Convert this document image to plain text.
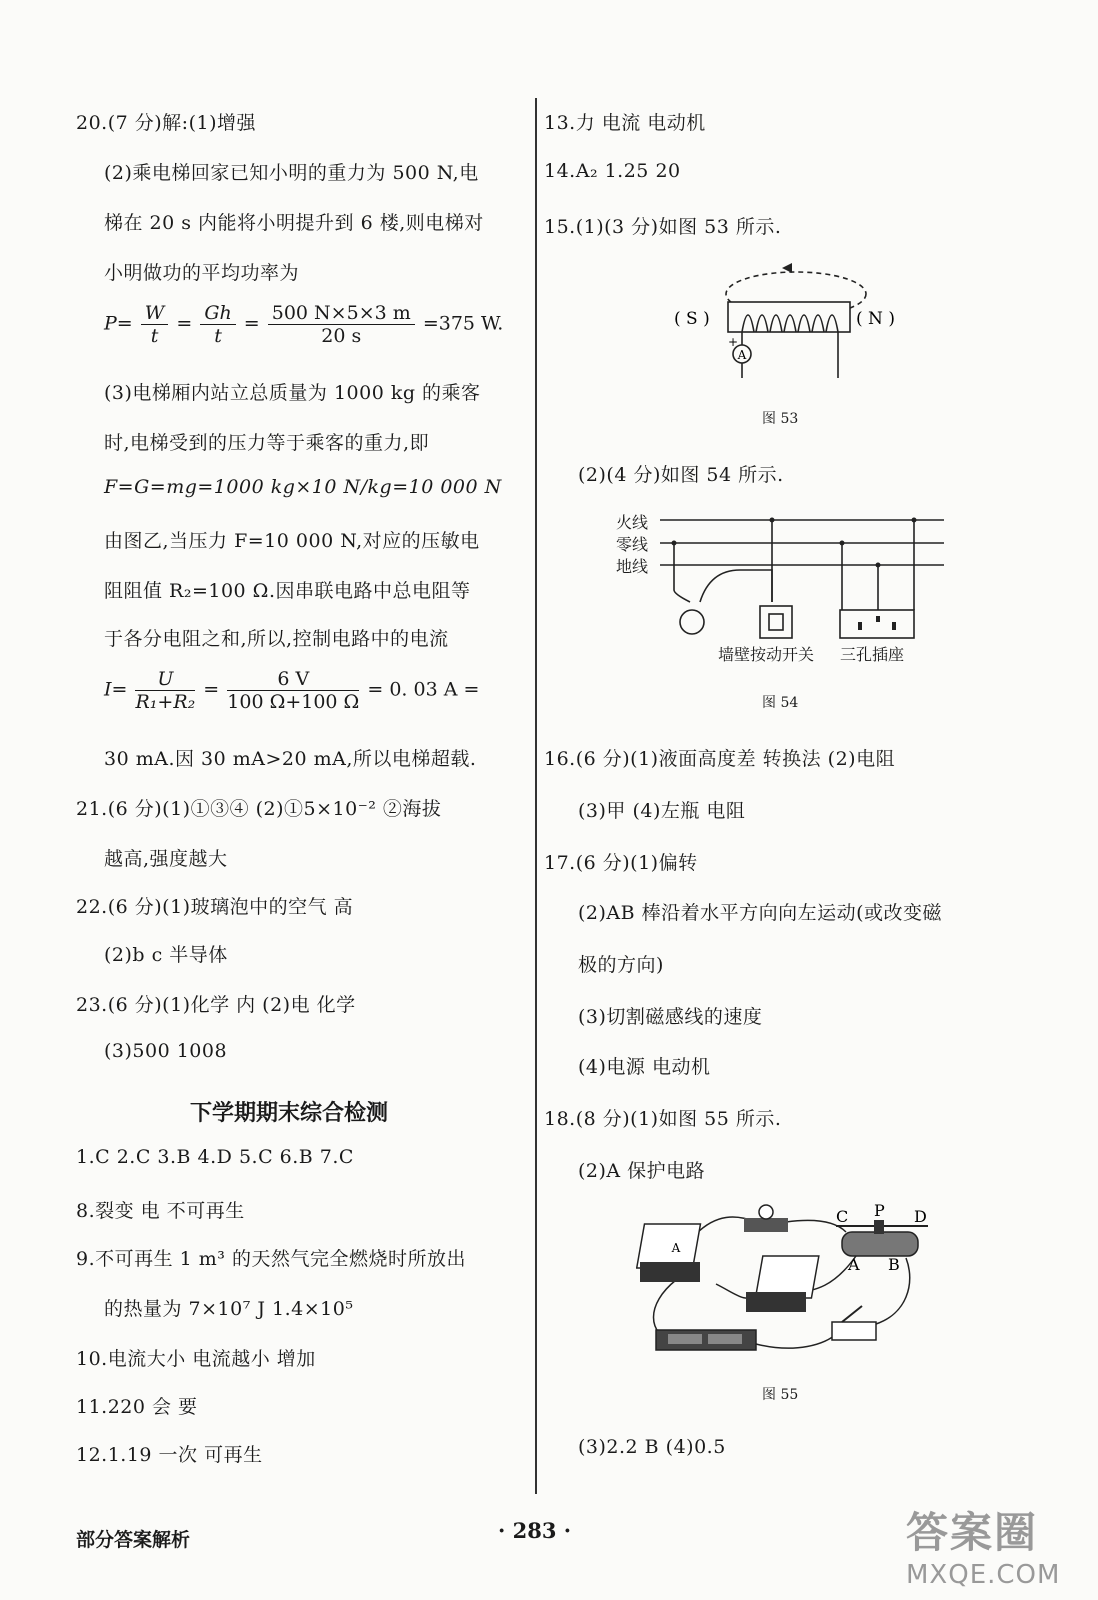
20.(7 分)解:(1)增强
(2)乘电梯回家已知小明的重力为 500 N,电
梯在 20 s 内能将小明提升到 6 楼,则电梯对
小明做功的平均功率为
$P= \frac{W}{t} = \frac{Gh}{t} = \frac{500 N\times 5\times 3 m}{20 s} =375$ W.
(3)电梯厢内站立总质量为 1000 kg 的乘客
时,电梯受到的压力等于乘客的重力,即
F=G=mg=1000 kg×10 N/kg=10 000 N
由图乙,当压力 F=10 000 N,对应的压敏电
阻阻值 R₂=100 Ω.因串联电路中总电阻等
于各分电阻之和,所以,控制电路中的电流
$I= \frac{U}{\text{R₁+R₂}} = \frac{6 V}{100 \Omega+100 \Omega} = 0$. 03 A =
30 mA.因 30 mA>20 mA,所以电梯超载.
21.(6 分)(1)①③④ (2)①5×10⁻² ②海拔
越高,强度越大
22.(6 分)(1)玻璃泡中的空气 高
(2)b c 半导体
23.(6 分)(1)化学 内 (2)电 化学
(3)500 1008
下学期期末综合检测
1.C 2.C 3.B 4.D 5.C 6.B 7.C
8.裂变 电 不可再生
9.不可再生 1 m³ 的天然气完全燃烧时所放出
的热量为 7×10⁷ J 1.4×10⁵
10.电流大小 电流越小 增加
11.220 会 要
12.1.19 一次 可再生
13.力 电流 电动机
14.A₂ 1.25 20
15.(1)(3 分)如图 53 所示.
A
+
( S )	( N )
图 53
(2)(4 分)如图 54 所示.
火线
零线
地线
墙壁按动开关 三孔插座
图 54
16.(6 分)(1)液面高度差 转换法 (2)电阻
(3)甲 (4)左瓶 电阻
17.(6 分)(1)偏转
(2)AB 棒沿着水平方向向左运动(或改变磁
极的方向)
(3)切割磁感线的速度
(4)电源 电动机
18.(8 分)(1)如图 55 所示.
(2)A 保护电路
A
C P D
A B
图 55
(3)2.2 B (4)0.5
部分答案解析	· 283 ·	答案圈
MXQE.COM
